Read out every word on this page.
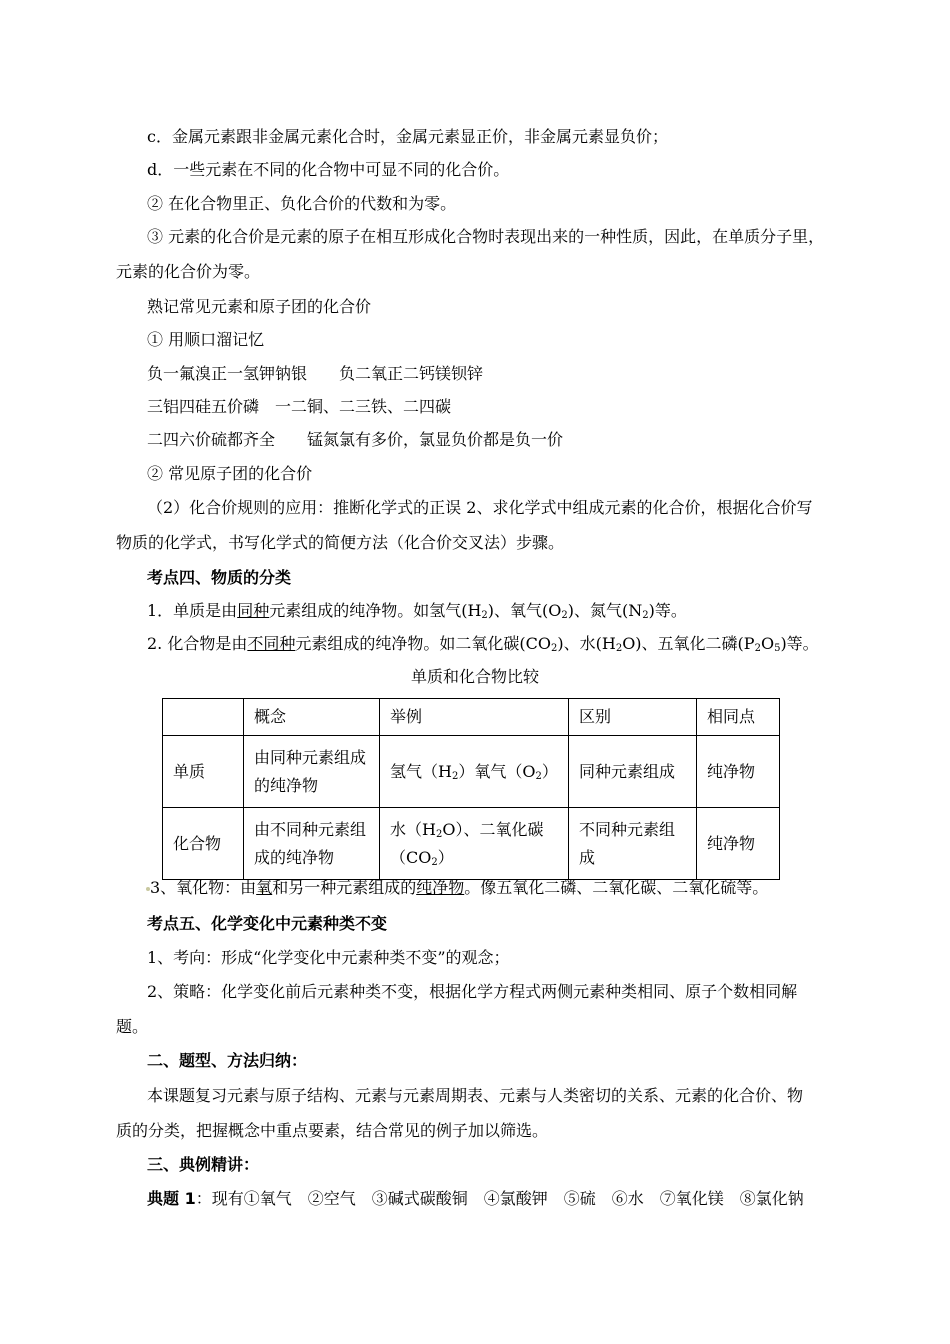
c．金属元素跟非金属元素化合时，金属元素显正价，非金属元素显负价；
d．一些元素在不同的化合物中可显不同的化合价。
② 在化合物里正、负化合价的代数和为零。
③ 元素的化合价是元素的原子在相互形成化合物时表现出来的一种性质，因此，在单质分子里，
元素的化合价为零。
熟记常见元素和原子团的化合价
① 用顺口溜记忆
负一氟溴正一氢钾钠银　　负二氧正二钙镁钡锌
三铝四硅五价磷　一二铜、二三铁、二四碳
二四六价硫都齐全　　锰氮氯有多价，氯显负价都是负一价
② 常见原子团的化合价
（2）化合价规则的应用：推断化学式的正误 2、求化学式中组成元素的化合价，根据化合价写
物质的化学式，书写化学式的简便方法（化合价交叉法）步骤。
考点四、物质的分类
1．单质是由同种元素组成的纯净物。如氢气$(H_2)$、氧气$(O_2)$、氮气$(N_2)$等。
2. 化合物是由不同种元素组成的纯净物。如二氧化碳$(CO_2)$、水$(H_2O)$、五氧化二磷$(P_2O_5)$等。
单质和化合物比较
	概念	举例	区别	相同点
单质	由同种元素组成的纯净物	氢气$(H_2)$氧气$(O_2)$	同种元素组成	纯净物
化合物	由不同种元素组成的纯净物	水$(H_2O)$、二氧化碳$(CO_2)$	不同种元素组成	纯净物
3、氧化物：由氧和另一种元素组成的纯净物。像五氧化二磷、二氧化碳、二氧化硫等。
考点五、化学变化中元素种类不变
1、考向：形成“化学变化中元素种类不变”的观念；
2、策略：化学变化前后元素种类不变，根据化学方程式两侧元素种类相同、原子个数相同解
题。
二、题型、方法归纳：
本课题复习元素与原子结构、元素与元素周期表、元素与人类密切的关系、元素的化合价、物
质的分类，把握概念中重点要素，结合常见的例子加以筛选。
三、典例精讲：
典题 1：现有①氧气　②空气　③碱式碳酸铜　④氯酸钾　⑤硫　⑥水　⑦氧化镁　⑧氯化钠
